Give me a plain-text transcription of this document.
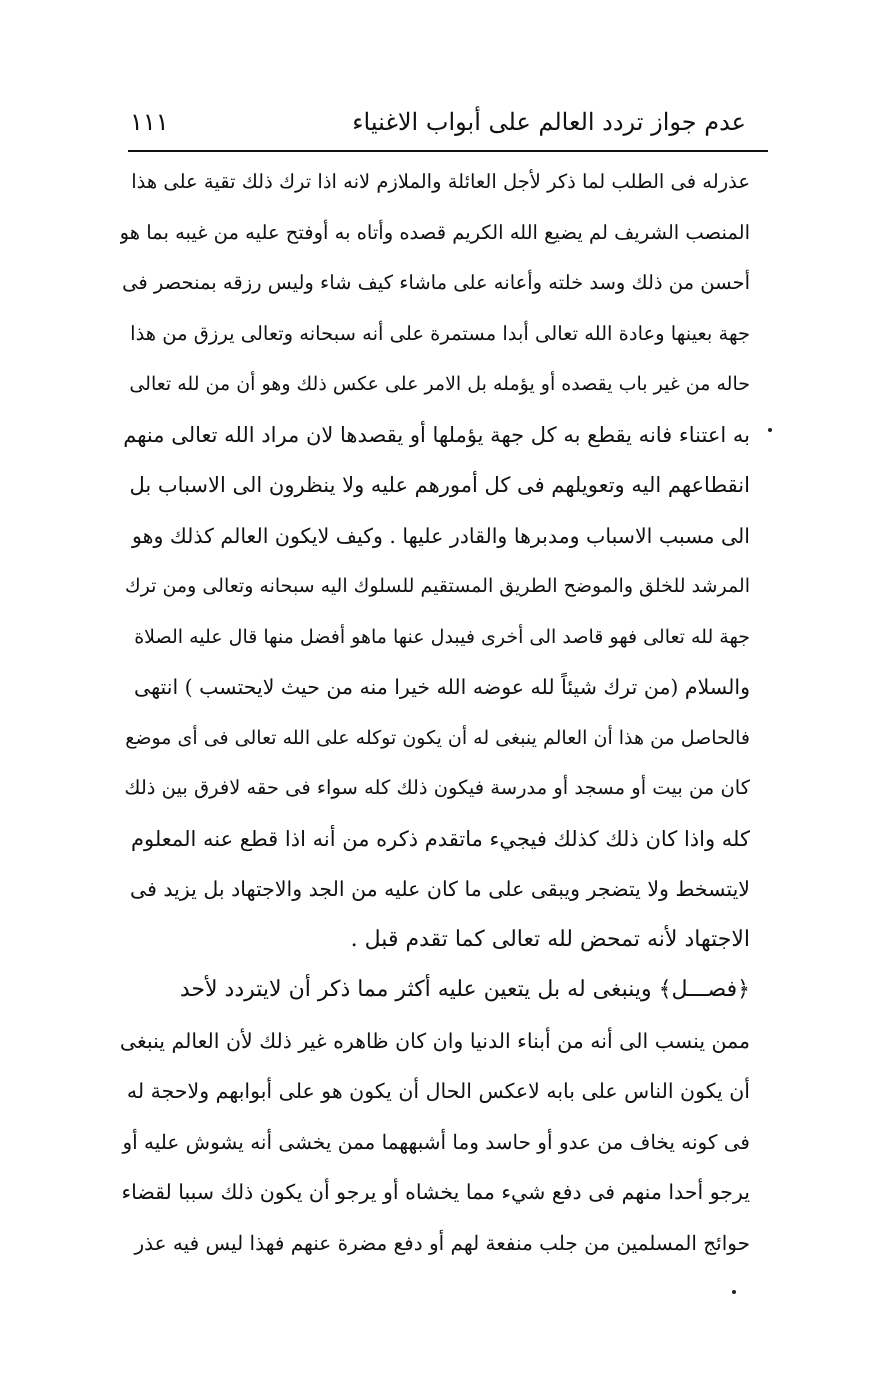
عدم جواز تردد العالم على أبواب الاغنياء
١١١
عذرله فى الطلب لما ذكر لأجل العائلة والملازم لانه اذا ترك ذلك تقية على هذا
المنصب الشريف لم يضيع الله الكريم قصده وأتاه به أوفتح عليه من غيبه بما هو
أحسن من ذلك وسد خلته وأعانه على ماشاء كيف شاء وليس رزقه بمنحصر فى
جهة بعينها وعادة الله تعالى أبدا مستمرة على أنه سبحانه وتعالى يرزق من هذا
حاله من غير باب يقصده أو يؤمله بل الامر على عكس ذلك وهو أن من لله تعالى
به اعتناء فانه يقطع به كل جهة يؤملها أو يقصدها لان مراد الله تعالى منهم
انقطاعهم اليه وتعويلهم فى كل أمورهم عليه ولا ينظرون الى الاسباب بل
الى مسبب الاسباب ومدبرها والقادر عليها . وكيف لايكون العالم كذلك وهو
المرشد للخلق والموضح الطريق المستقيم للسلوك اليه سبحانه وتعالى ومن ترك
جهة لله تعالى فهو قاصد الى أخرى فيبدل عنها ماهو أفضل منها قال عليه الصلاة
والسلام (من ترك شيئاً لله عوضه الله خيرا منه من حيث لايحتسب ) انتهى
فالحاصل من هذا أن العالم ينبغى له أن يكون توكله على الله تعالى فى أى موضع
كان من بيت أو مسجد أو مدرسة فيكون ذلك كله سواء فى حقه لافرق بين ذلك
كله واذا كان ذلك كذلك فيجيء ماتقدم ذكره من أنه اذا قطع عنه المعلوم
لايتسخط ولا يتضجر ويبقى على ما كان عليه من الجد والاجتهاد بل يزيد فى
الاجتهاد لأنه تمحض لله تعالى كما تقدم قبل .
﴿فصـــل﴾ وينبغى له بل يتعين عليه أكثر مما ذكر أن لايتردد لأحد
ممن ينسب الى أنه من أبناء الدنيا وان كان ظاهره غير ذلك لأن العالم ينبغى
أن يكون الناس على بابه لاعكس الحال أن يكون هو على أبوابهم ولاحجة له
فى كونه يخاف من عدو أو حاسد وما أشبههما ممن يخشى أنه يشوش عليه أو
يرجو أحدا منهم فى دفع شيء مما يخشاه أو يرجو أن يكون ذلك سببا لقضاء
حوائج المسلمين من جلب منفعة لهم أو دفع مضرة عنهم فهذا ليس فيه عذر
